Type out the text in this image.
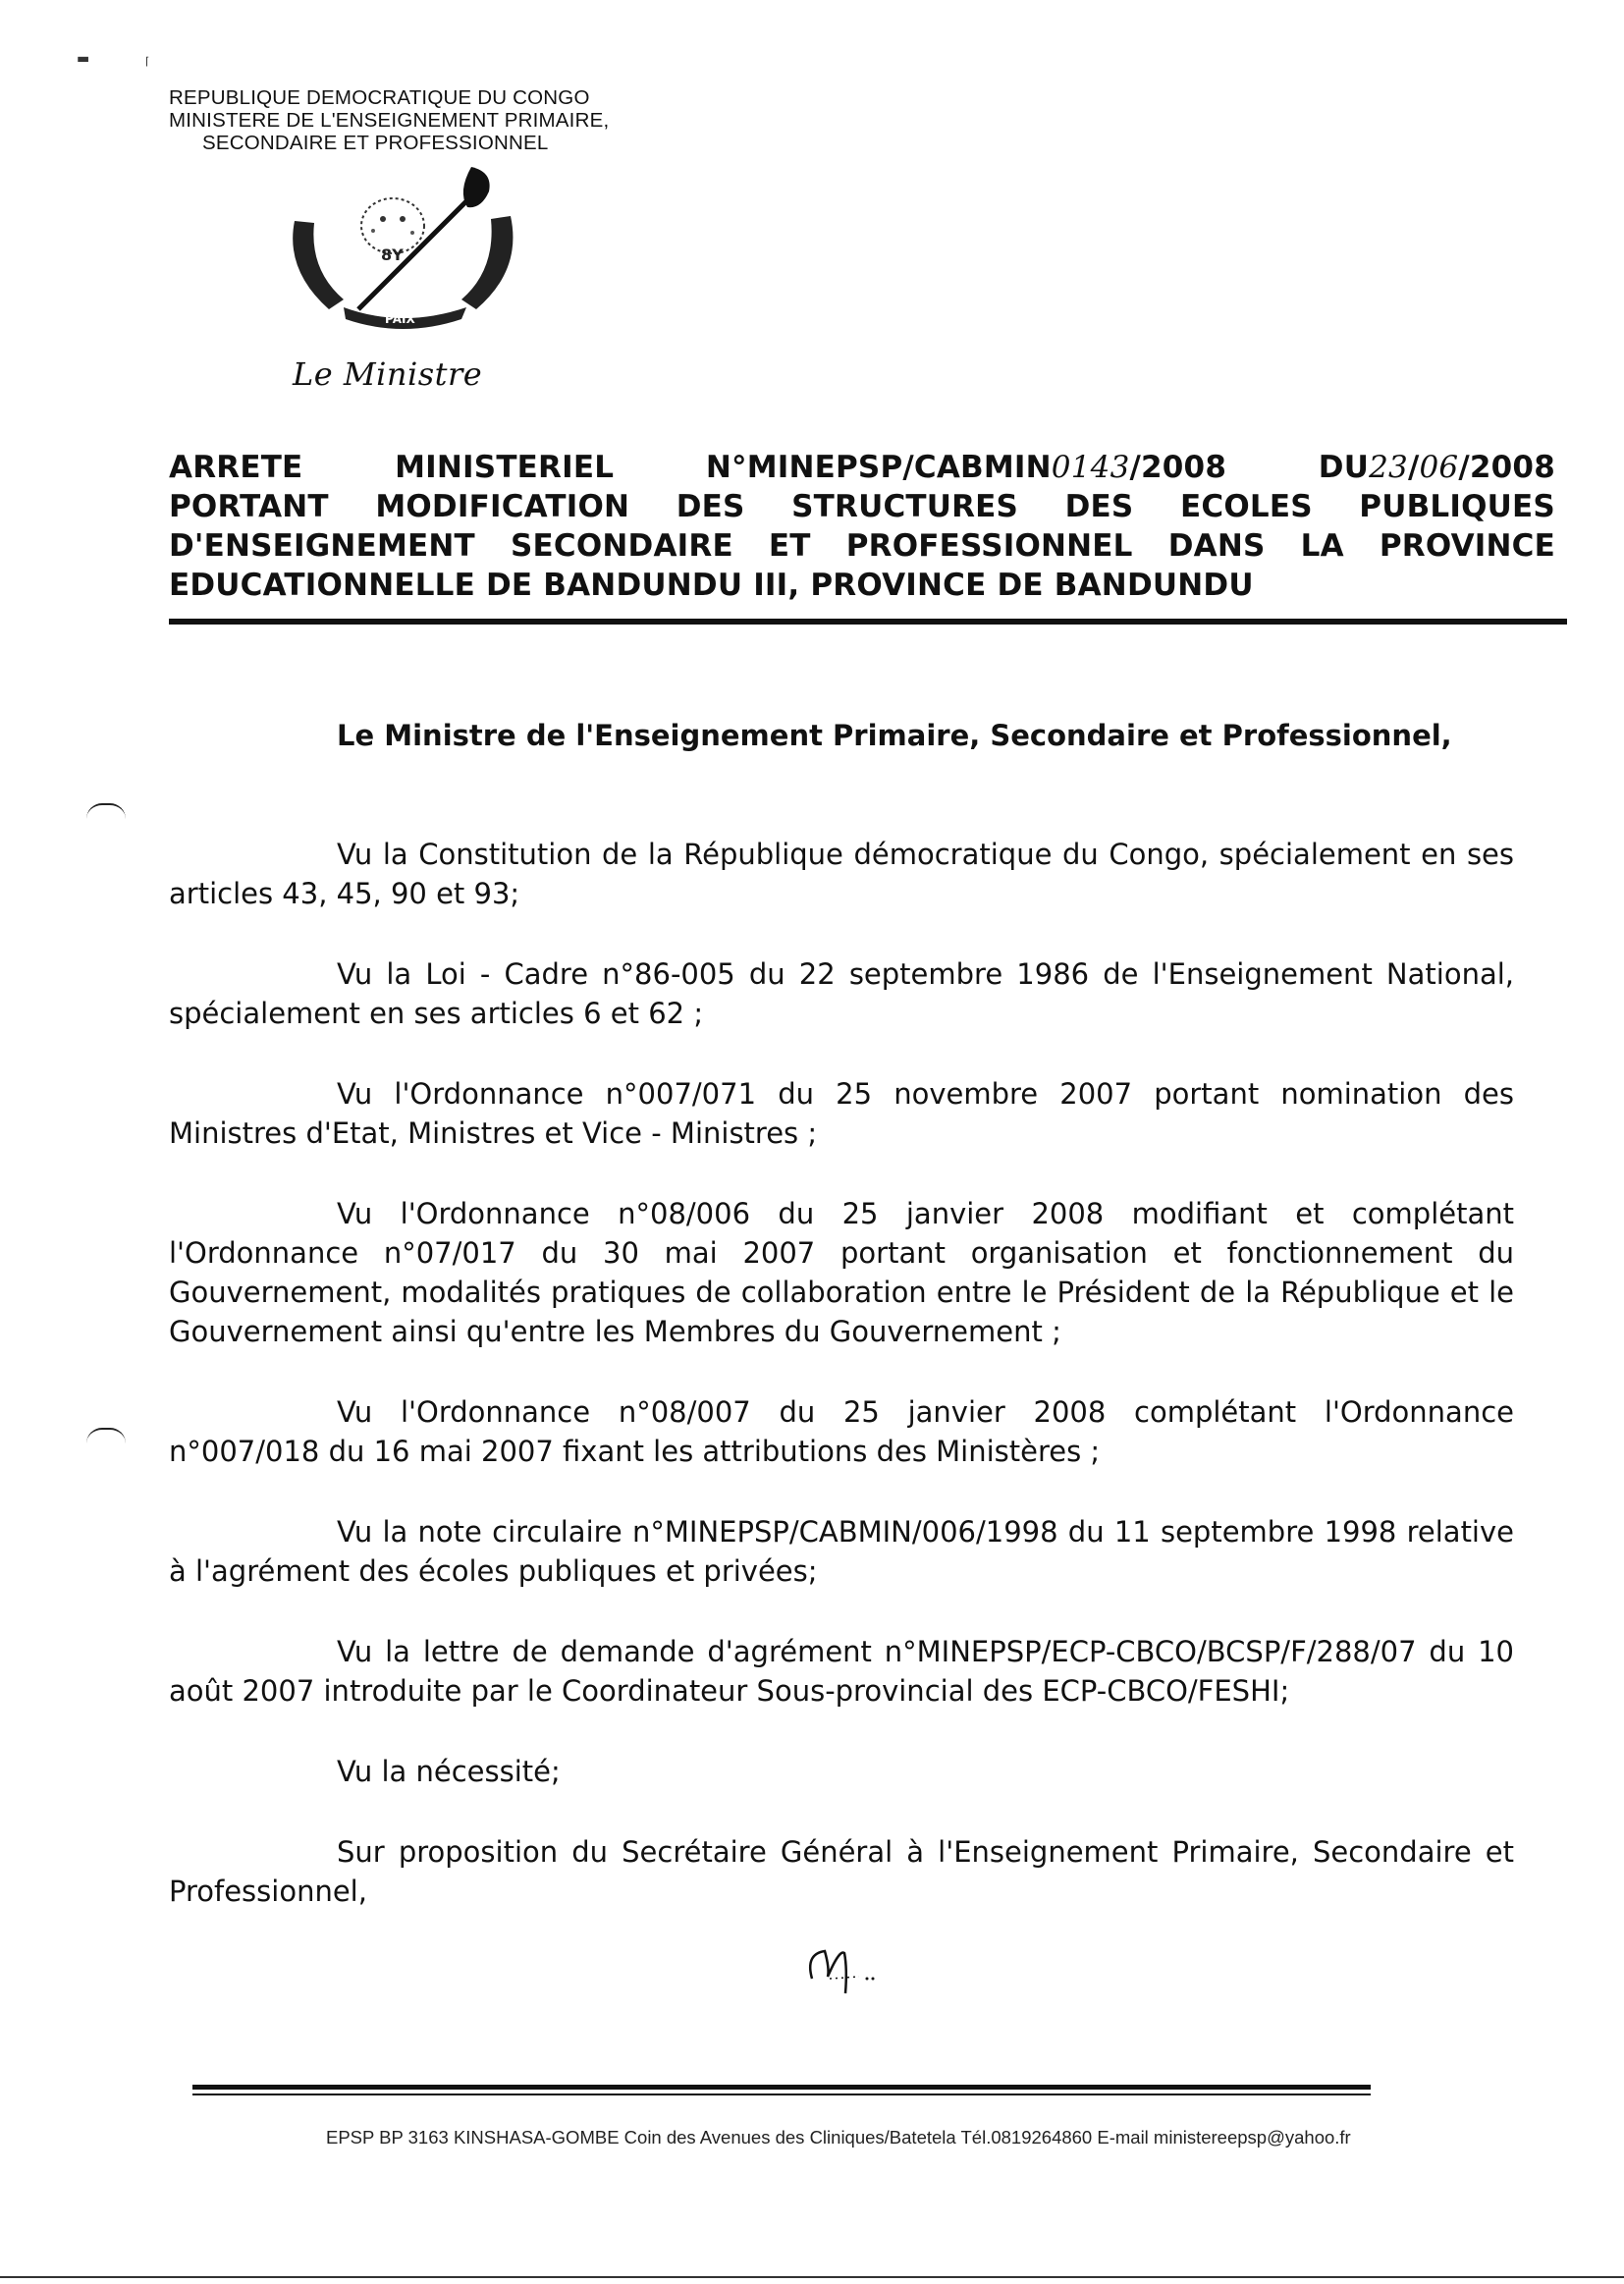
▬	⌈
REPUBLIQUE DEMOCRATIQUE DU CONGO
MINISTERE DE L'ENSEIGNEMENT PRIMAIRE,
SECONDAIRE ET PROFESSIONNEL
8Y
PAIX
Le Ministre
ARRETE	MINISTERIEL	N°MINEPSP/CABMIN0143/2008	DU23/06/2008
PORTANT MODIFICATION DES STRUCTURES DES ECOLES PUBLIQUES
D'ENSEIGNEMENT SECONDAIRE ET PROFESSIONNEL DANS LA PROVINCE
EDUCATIONNELLE DE BANDUNDU III, PROVINCE DE BANDUNDU
Le Ministre de l'Enseignement Primaire, Secondaire et Professionnel,

Vu la Constitution de la République démocratique du Congo, spécialement en ses articles 43, 45, 90 et 93;

Vu la Loi - Cadre n°86-005 du 22 septembre 1986 de l'Enseignement National, spécialement en ses articles 6 et 62 ;

Vu l'Ordonnance n°007/071 du 25 novembre 2007 portant nomination des Ministres d'Etat, Ministres et Vice - Ministres ;

Vu l'Ordonnance n°08/006 du 25 janvier 2008 modifiant et complétant l'Ordonnance n°07/017 du 30 mai 2007 portant organisation et fonctionnement du Gouvernement, modalités pratiques de collaboration entre le Président de la République et le Gouvernement ainsi qu'entre les Membres du Gouvernement ;

Vu l'Ordonnance n°08/007 du 25 janvier 2008 complétant l'Ordonnance n°007/018 du 16 mai 2007 fixant les attributions des Ministères ;

Vu la note circulaire n°MINEPSP/CABMIN/006/1998 du 11 septembre 1998 relative à l'agrément des écoles publiques et privées;

Vu la lettre de demande d'agrément n°MINEPSP/ECP-CBCO/BCSP/F/288/07 du 10 août 2007 introduite par le Coordinateur Sous-provincial des ECP-CBCO/FESHI;

Vu la nécessité;

Sur proposition du Secrétaire Général à l'Enseignement Primaire, Secondaire et Professionnel,

EPSP BP 3163 KINSHASA-GOMBE Coin des Avenues des Cliniques/Batetela Tél.0819264860 E-mail ministereepsp@yahoo.fr
